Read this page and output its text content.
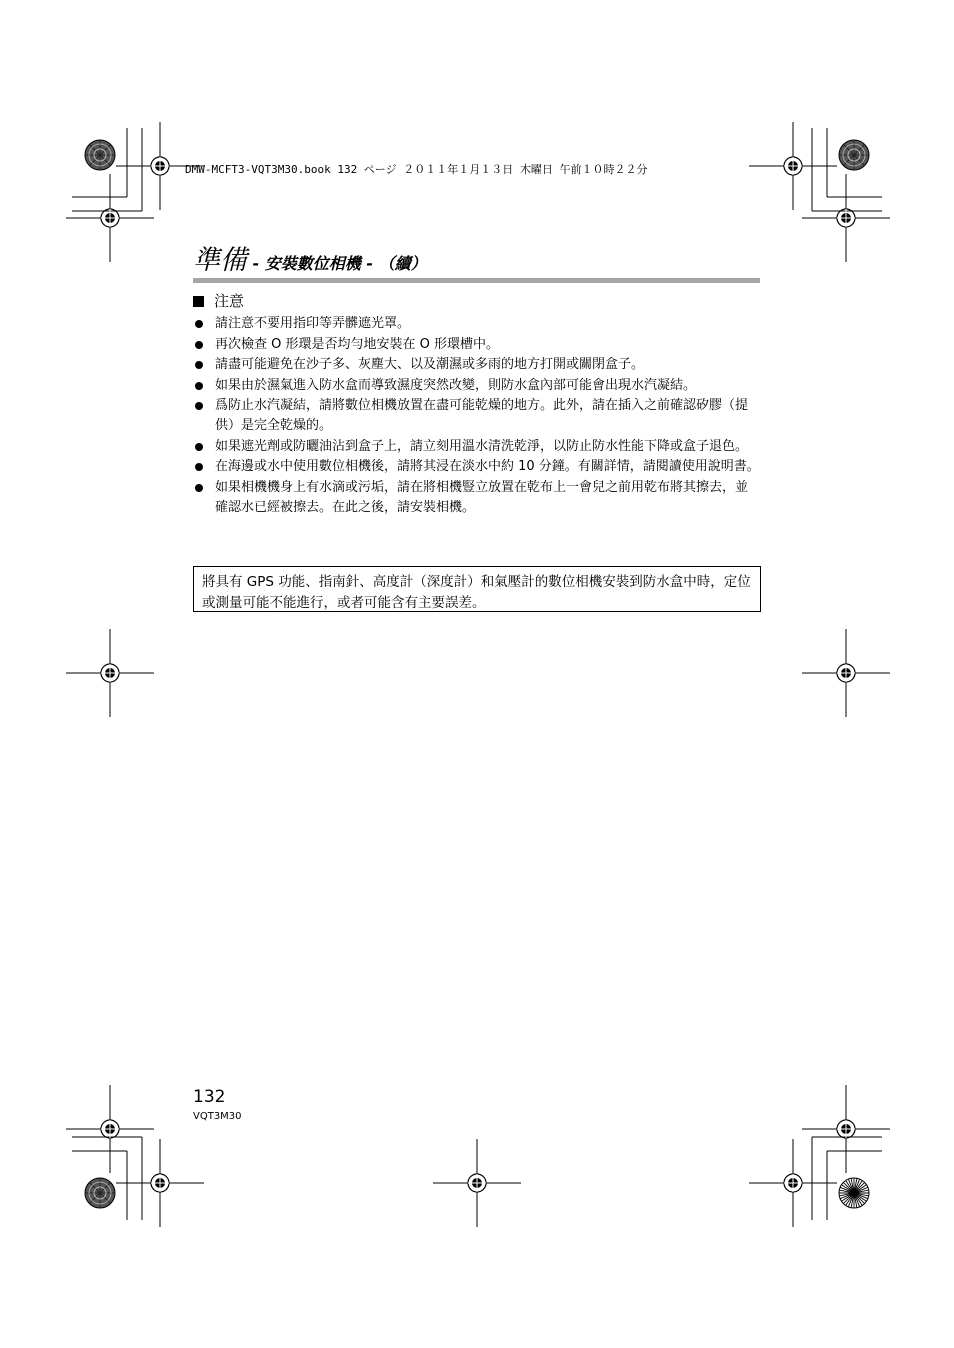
DMW-MCFT3-VQT3M30.book 132 ページ ２０１１年１月１３日 木曜日 午前１０時２２分
準備 - 安裝數位相機 - （續）
注意
請注意不要用指印等弄髒遮光罩。
再次檢查 O 形環是否均勻地安裝在 O 形環槽中。
請盡可能避免在沙子多、灰塵大、以及潮濕或多雨的地方打開或關閉盒子。
如果由於濕氣進入防水盒而導致濕度突然改變，則防水盒內部可能會出現水汽凝結。
爲防止水汽凝結，請將數位相機放置在盡可能乾燥的地方。此外，請在插入之前確認矽膠（提供）是完全乾燥的。
如果遮光劑或防曬油沾到盒子上，請立刻用溫水清洗乾淨，以防止防水性能下降或盒子退色。
在海邊或水中使用數位相機後，請將其浸在淡水中約 10 分鐘。有關詳情，請閱讀使用說明書。
如果相機機身上有水滴或污垢，請在將相機豎立放置在乾布上一會兒之前用乾布將其擦去，並確認水已經被擦去。在此之後，請安裝相機。
將具有 GPS 功能、指南針、高度計（深度計）和氣壓計的數位相機安裝到防水盒中時，定位或測量可能不能進行，或者可能含有主要誤差。
132
VQT3M30
